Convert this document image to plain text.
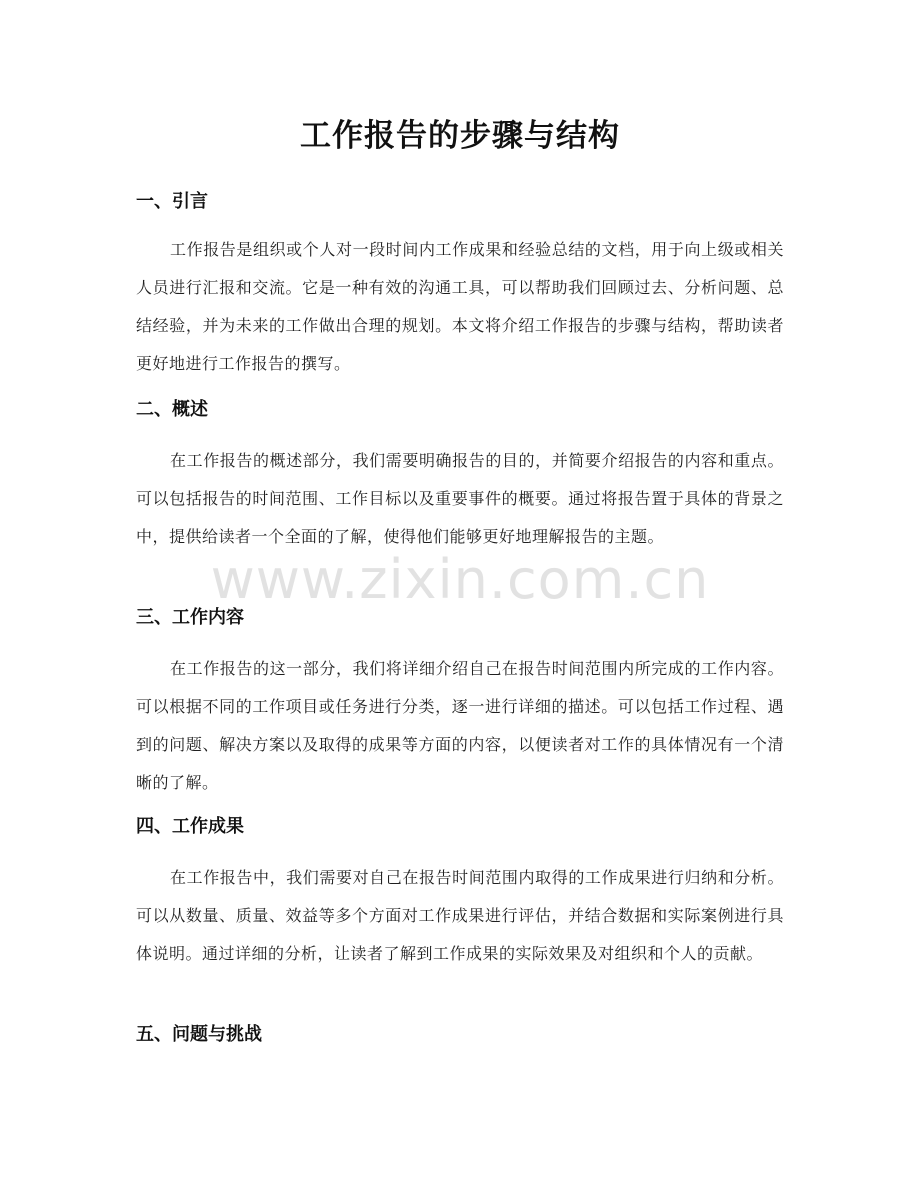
工作报告的步骤与结构
一、引言

工作报告是组织或个人对一段时间内工作成果和经验总结的文档，用于向上级或相关人员进行汇报和交流。它是一种有效的沟通工具，可以帮助我们回顾过去、分析问题、总结经验，并为未来的工作做出合理的规划。本文将介绍工作报告的步骤与结构，帮助读者更好地进行工作报告的撰写。

二、概述

在工作报告的概述部分，我们需要明确报告的目的，并简要介绍报告的内容和重点。可以包括报告的时间范围、工作目标以及重要事件的概要。通过将报告置于具体的背景之中，提供给读者一个全面的了解，使得他们能够更好地理解报告的主题。

三、工作内容

在工作报告的这一部分，我们将详细介绍自己在报告时间范围内所完成的工作内容。可以根据不同的工作项目或任务进行分类，逐一进行详细的描述。可以包括工作过程、遇到的问题、解决方案以及取得的成果等方面的内容，以便读者对工作的具体情况有一个清晰的了解。

四、工作成果

在工作报告中，我们需要对自己在报告时间范围内取得的工作成果进行归纳和分析。可以从数量、质量、效益等多个方面对工作成果进行评估，并结合数据和实际案例进行具体说明。通过详细的分析，让读者了解到工作成果的实际效果及对组织和个人的贡献。

五、问题与挑战
www.zixin.com.cn
